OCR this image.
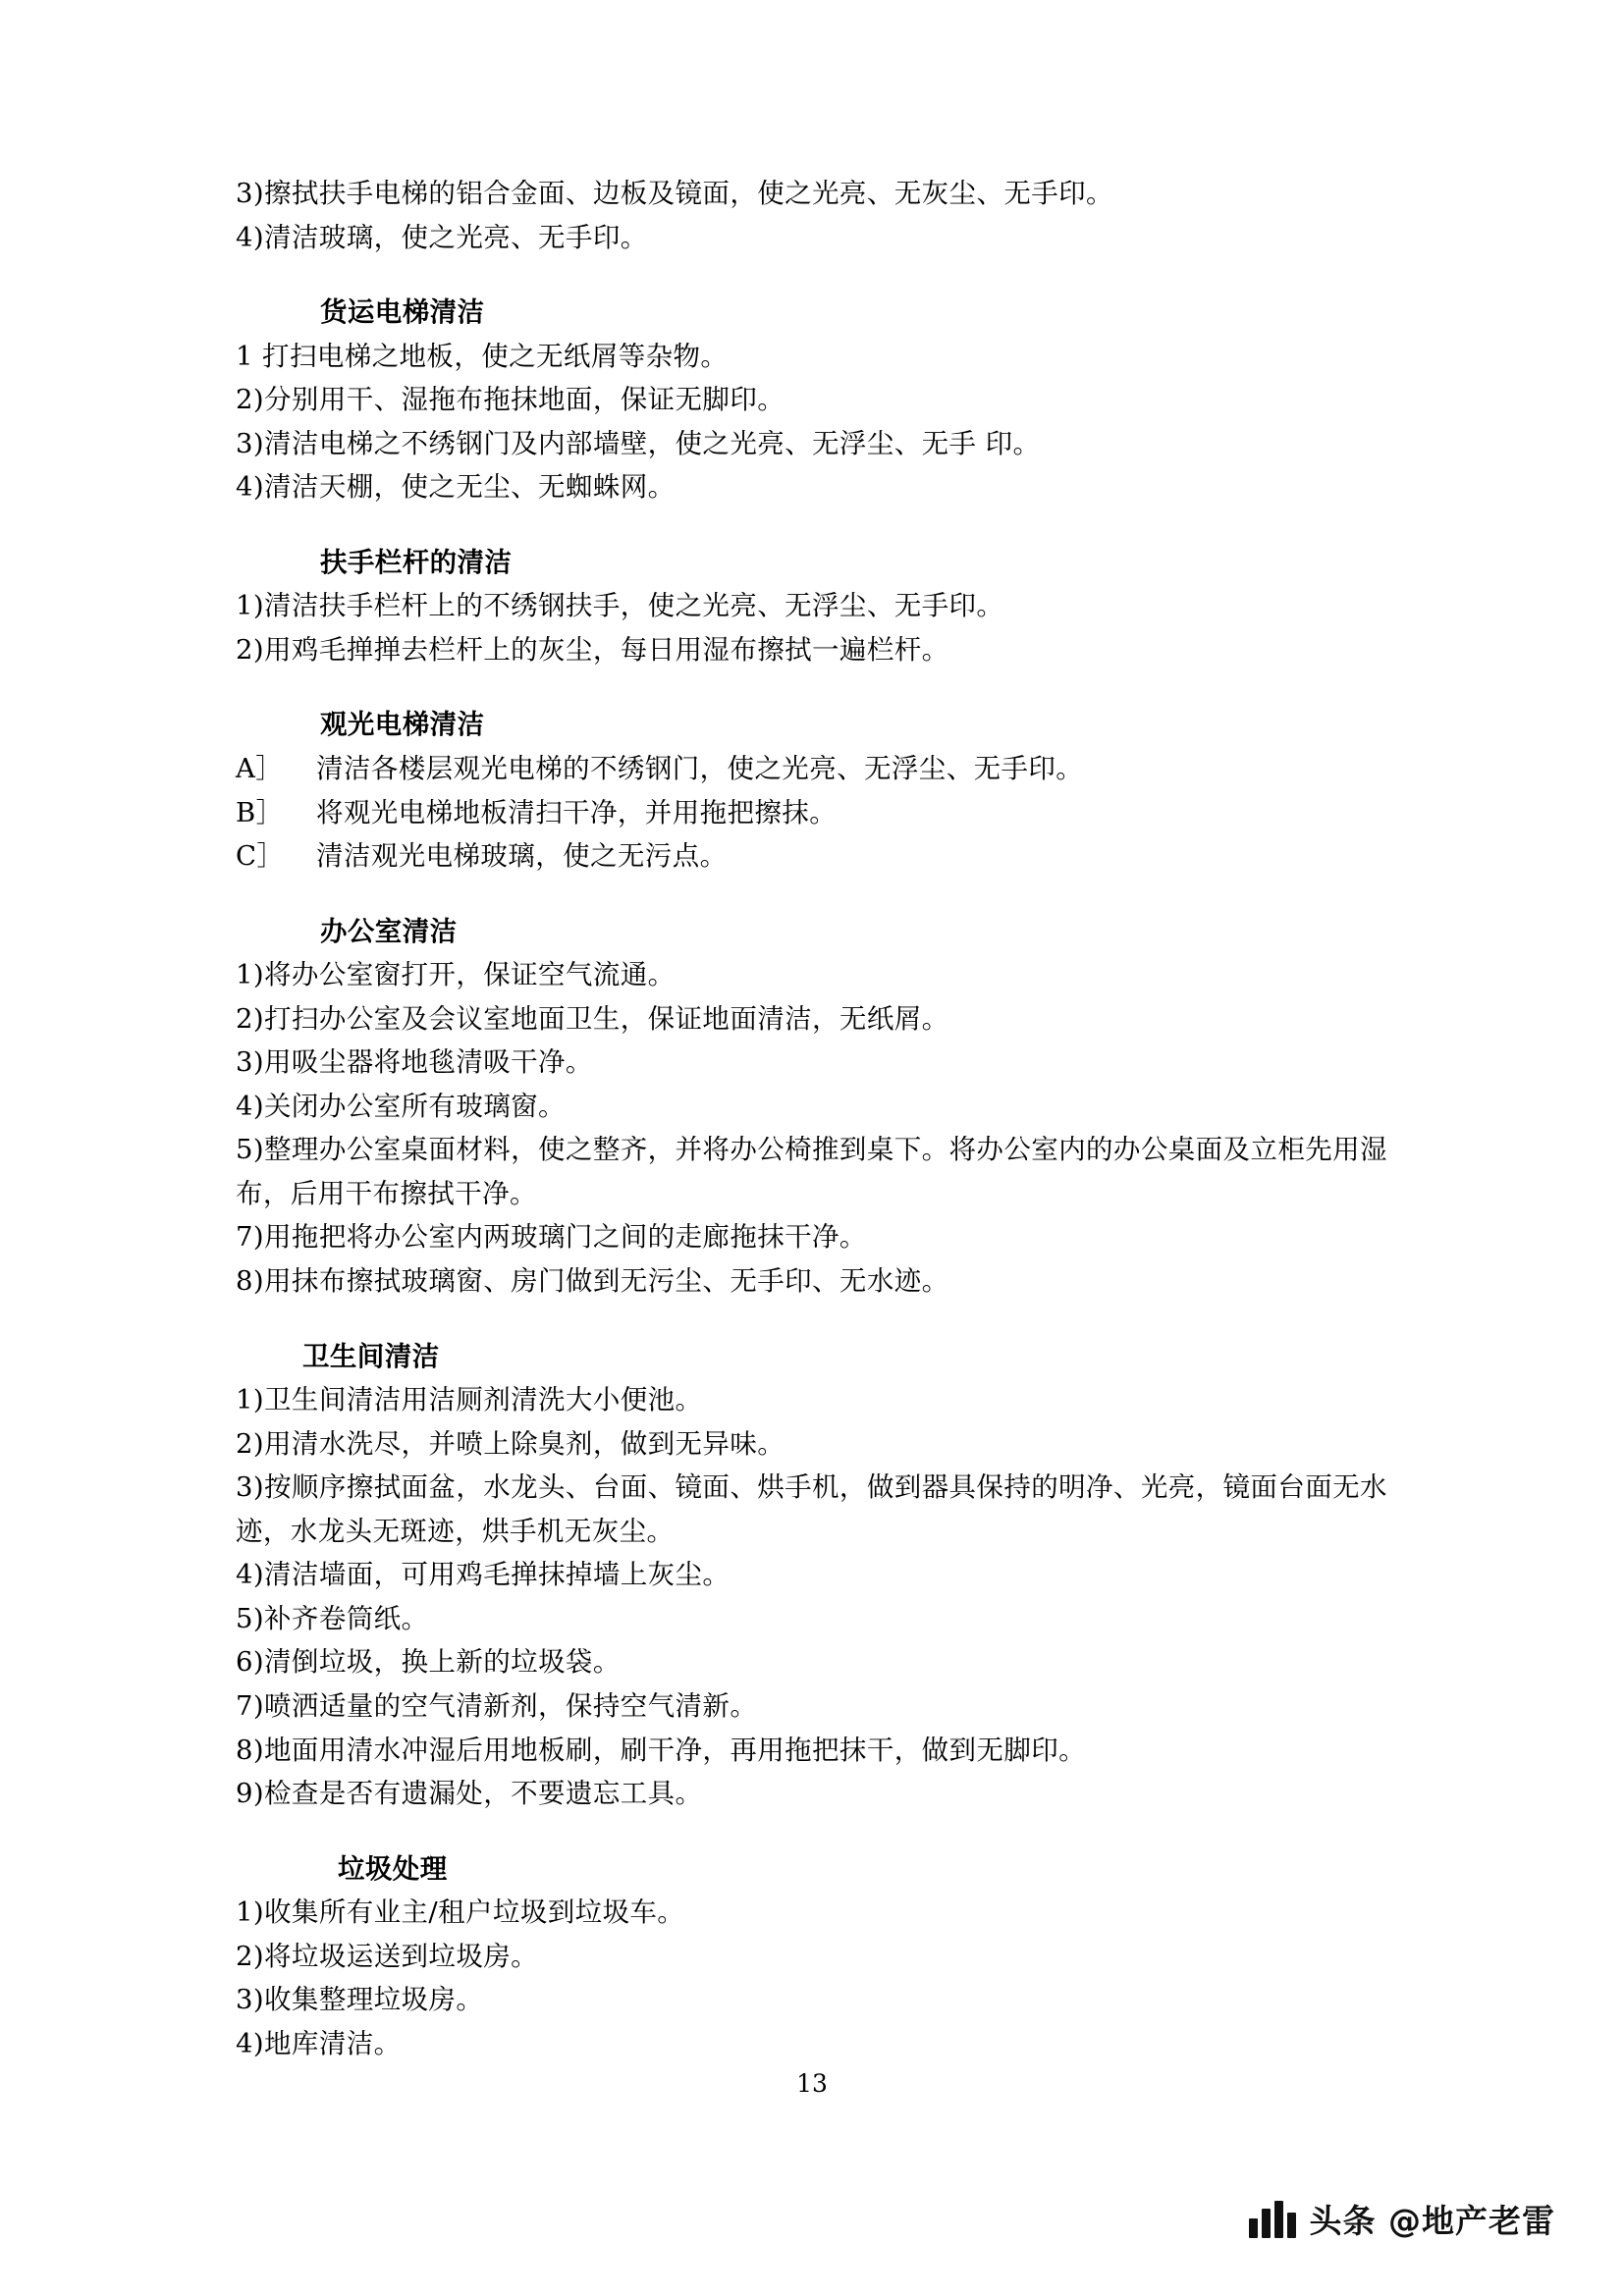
3)擦拭扶手电梯的铝合金面、边板及镜面，使之光亮、无灰尘、无手印。

4)清洁玻璃，使之光亮、无手印。

货运电梯清洁

1 打扫电梯之地板，使之无纸屑等杂物。

2)分别用干、湿拖布拖抹地面，保证无脚印。

3)清洁电梯之不绣钢门及内部墙壁，使之光亮、无浮尘、无手 印。

4)清洁天棚，使之无尘、无蜘蛛网。

扶手栏杆的清洁

1)清洁扶手栏杆上的不绣钢扶手，使之光亮、无浮尘、无手印。

2)用鸡毛掸掸去栏杆上的灰尘，每日用湿布擦拭一遍栏杆。

观光电梯清洁

A］	清洁各楼层观光电梯的不绣钢门，使之光亮、无浮尘、无手印。

B］	将观光电梯地板清扫干净，并用拖把擦抹。

C］	清洁观光电梯玻璃，使之无污点。

办公室清洁

1)将办公室窗打开，保证空气流通。

2)打扫办公室及会议室地面卫生，保证地面清洁，无纸屑。

3)用吸尘器将地毯清吸干净。

4)关闭办公室所有玻璃窗。

5)整理办公室桌面材料，使之整齐，并将办公椅推到桌下。将办公室内的办公桌面及立柜先用湿布，后用干布擦拭干净。

7)用拖把将办公室内两玻璃门之间的走廊拖抹干净。

8)用抹布擦拭玻璃窗、房门做到无污尘、无手印、无水迹。

卫生间清洁

1)卫生间清洁用洁厕剂清洗大小便池。

2)用清水洗尽，并喷上除臭剂，做到无异味。

3)按顺序擦拭面盆，水龙头、台面、镜面、烘手机，做到器具保持的明净、光亮，镜面台面无水迹，水龙头无斑迹，烘手机无灰尘。

4)清洁墙面，可用鸡毛掸抹掉墙上灰尘。

5)补齐卷筒纸。

6)清倒垃圾，换上新的垃圾袋。

7)喷洒适量的空气清新剂，保持空气清新。

8)地面用清水冲湿后用地板刷，刷干净，再用拖把抹干，做到无脚印。

9)检查是否有遗漏处，不要遗忘工具。

垃圾处理

1)收集所有业主/租户垃圾到垃圾车。

2)将垃圾运送到垃圾房。

3)收集整理垃圾房。

4)地库清洁。

13
头条 @地产老雷
